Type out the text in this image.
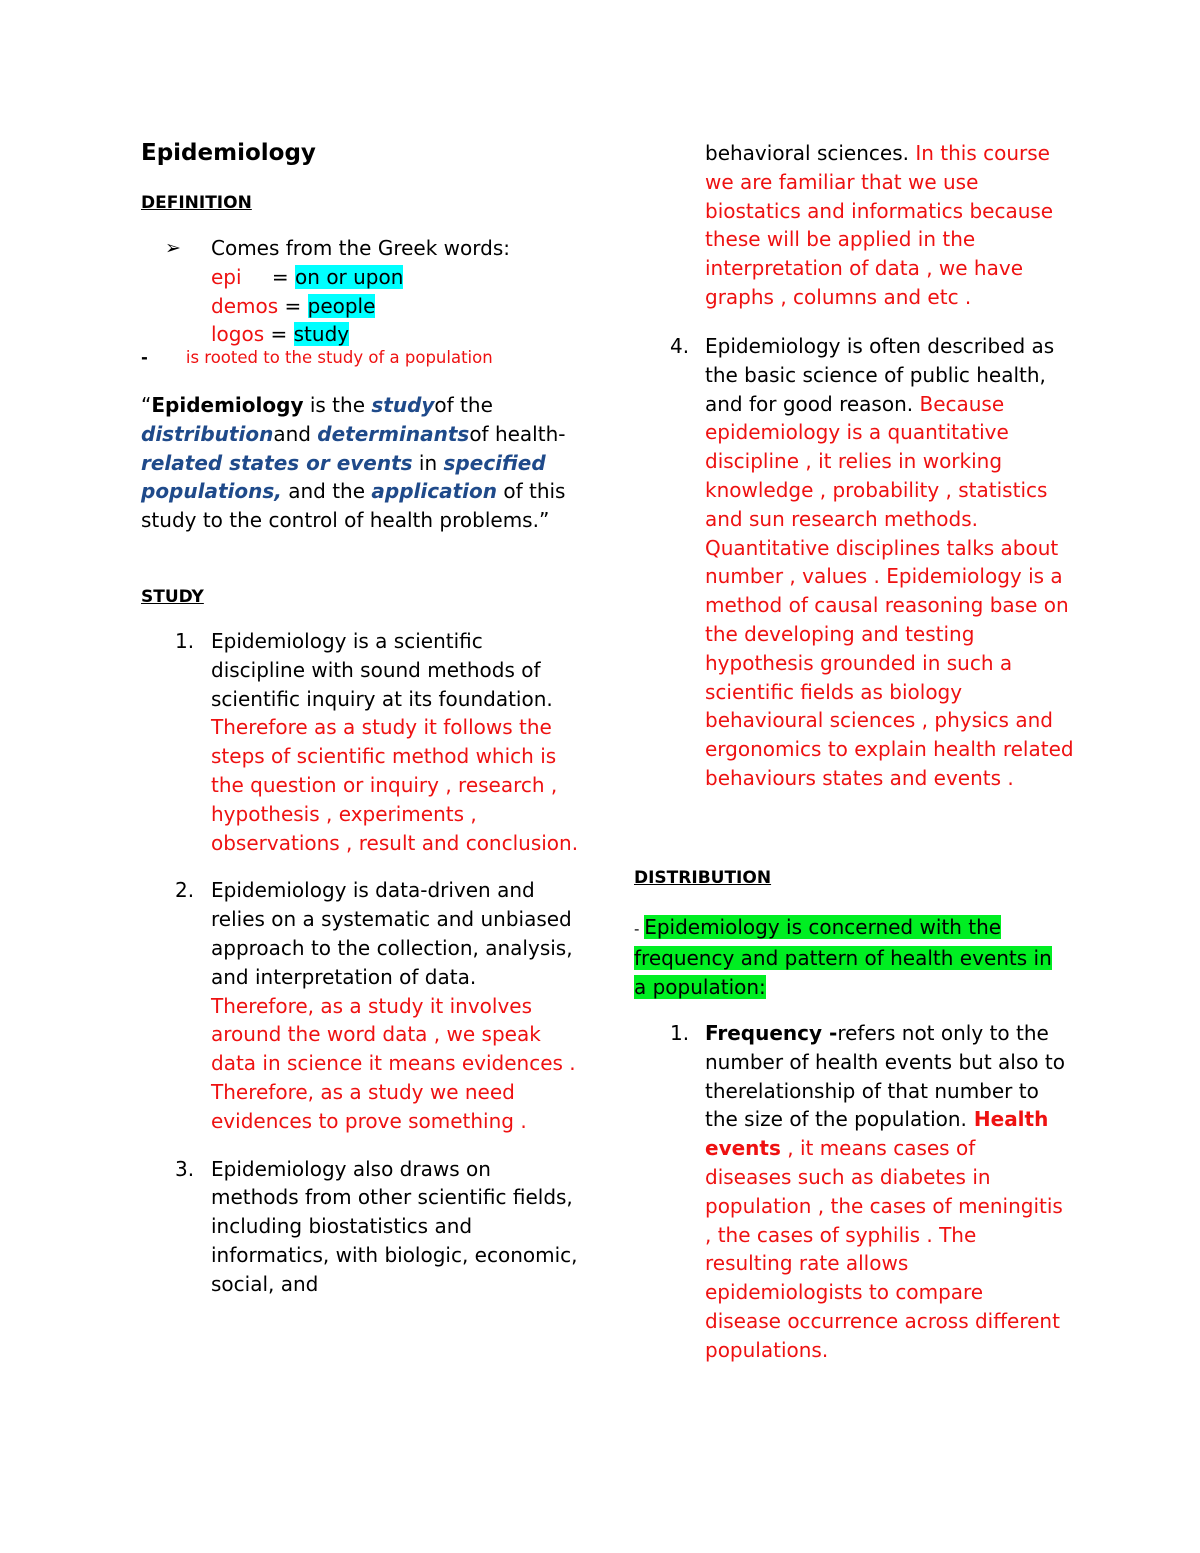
Epidemiology
DEFINITION
➢ Comes from the Greek words:
epi = on or upon
demos = people
logos = study
- is rooted to the study of a population

“Epidemiology is the studyof the distributionand determinantsof health-related states or events in specified populations, and the application of this study to the control of health problems.”

STUDY
1. Epidemiology is a scientific discipline with sound methods of scientific inquiry at its foundation. Therefore as a study it follows the steps of scientific method which is the question or inquiry , research , hypothesis , experiments , observations , result and conclusion.
2. Epidemiology is data-driven and relies on a systematic and unbiased approach to the collection, analysis, and interpretation of data. Therefore, as a study it involves around the word data , we speak data in science it means evidences . Therefore, as a study we need evidences to prove something .
3. Epidemiology also draws on methods from other scientific fields, including biostatistics and informatics, with biologic, economic, social, and

behavioral sciences. In this course we are familiar that we use biostatics and informatics because these will be applied in the interpretation of data , we have graphs , columns and etc .

4. Epidemiology is often described as the basic science of public health, and for good reason. Because epidemiology is a quantitative discipline , it relies in working knowledge , probability , statistics and sun research methods. Quantitative disciplines talks about number , values . Epidemiology is a method of causal reasoning base on the developing and testing hypothesis grounded in such a scientific fields as biology behavioural sciences , physics and ergonomics to explain health related behaviours states and events .
DISTRIBUTION

- Epidemiology is concerned with the frequency and pattern of health events in a population:

1. Frequency -refers not only to the number of health events but also to therelationship of that number to the size of the population. Health events , it means cases of diseases such as diabetes in population , the cases of meningitis , the cases of syphilis . The resulting rate allows epidemiologists to compare disease occurrence across different populations.
